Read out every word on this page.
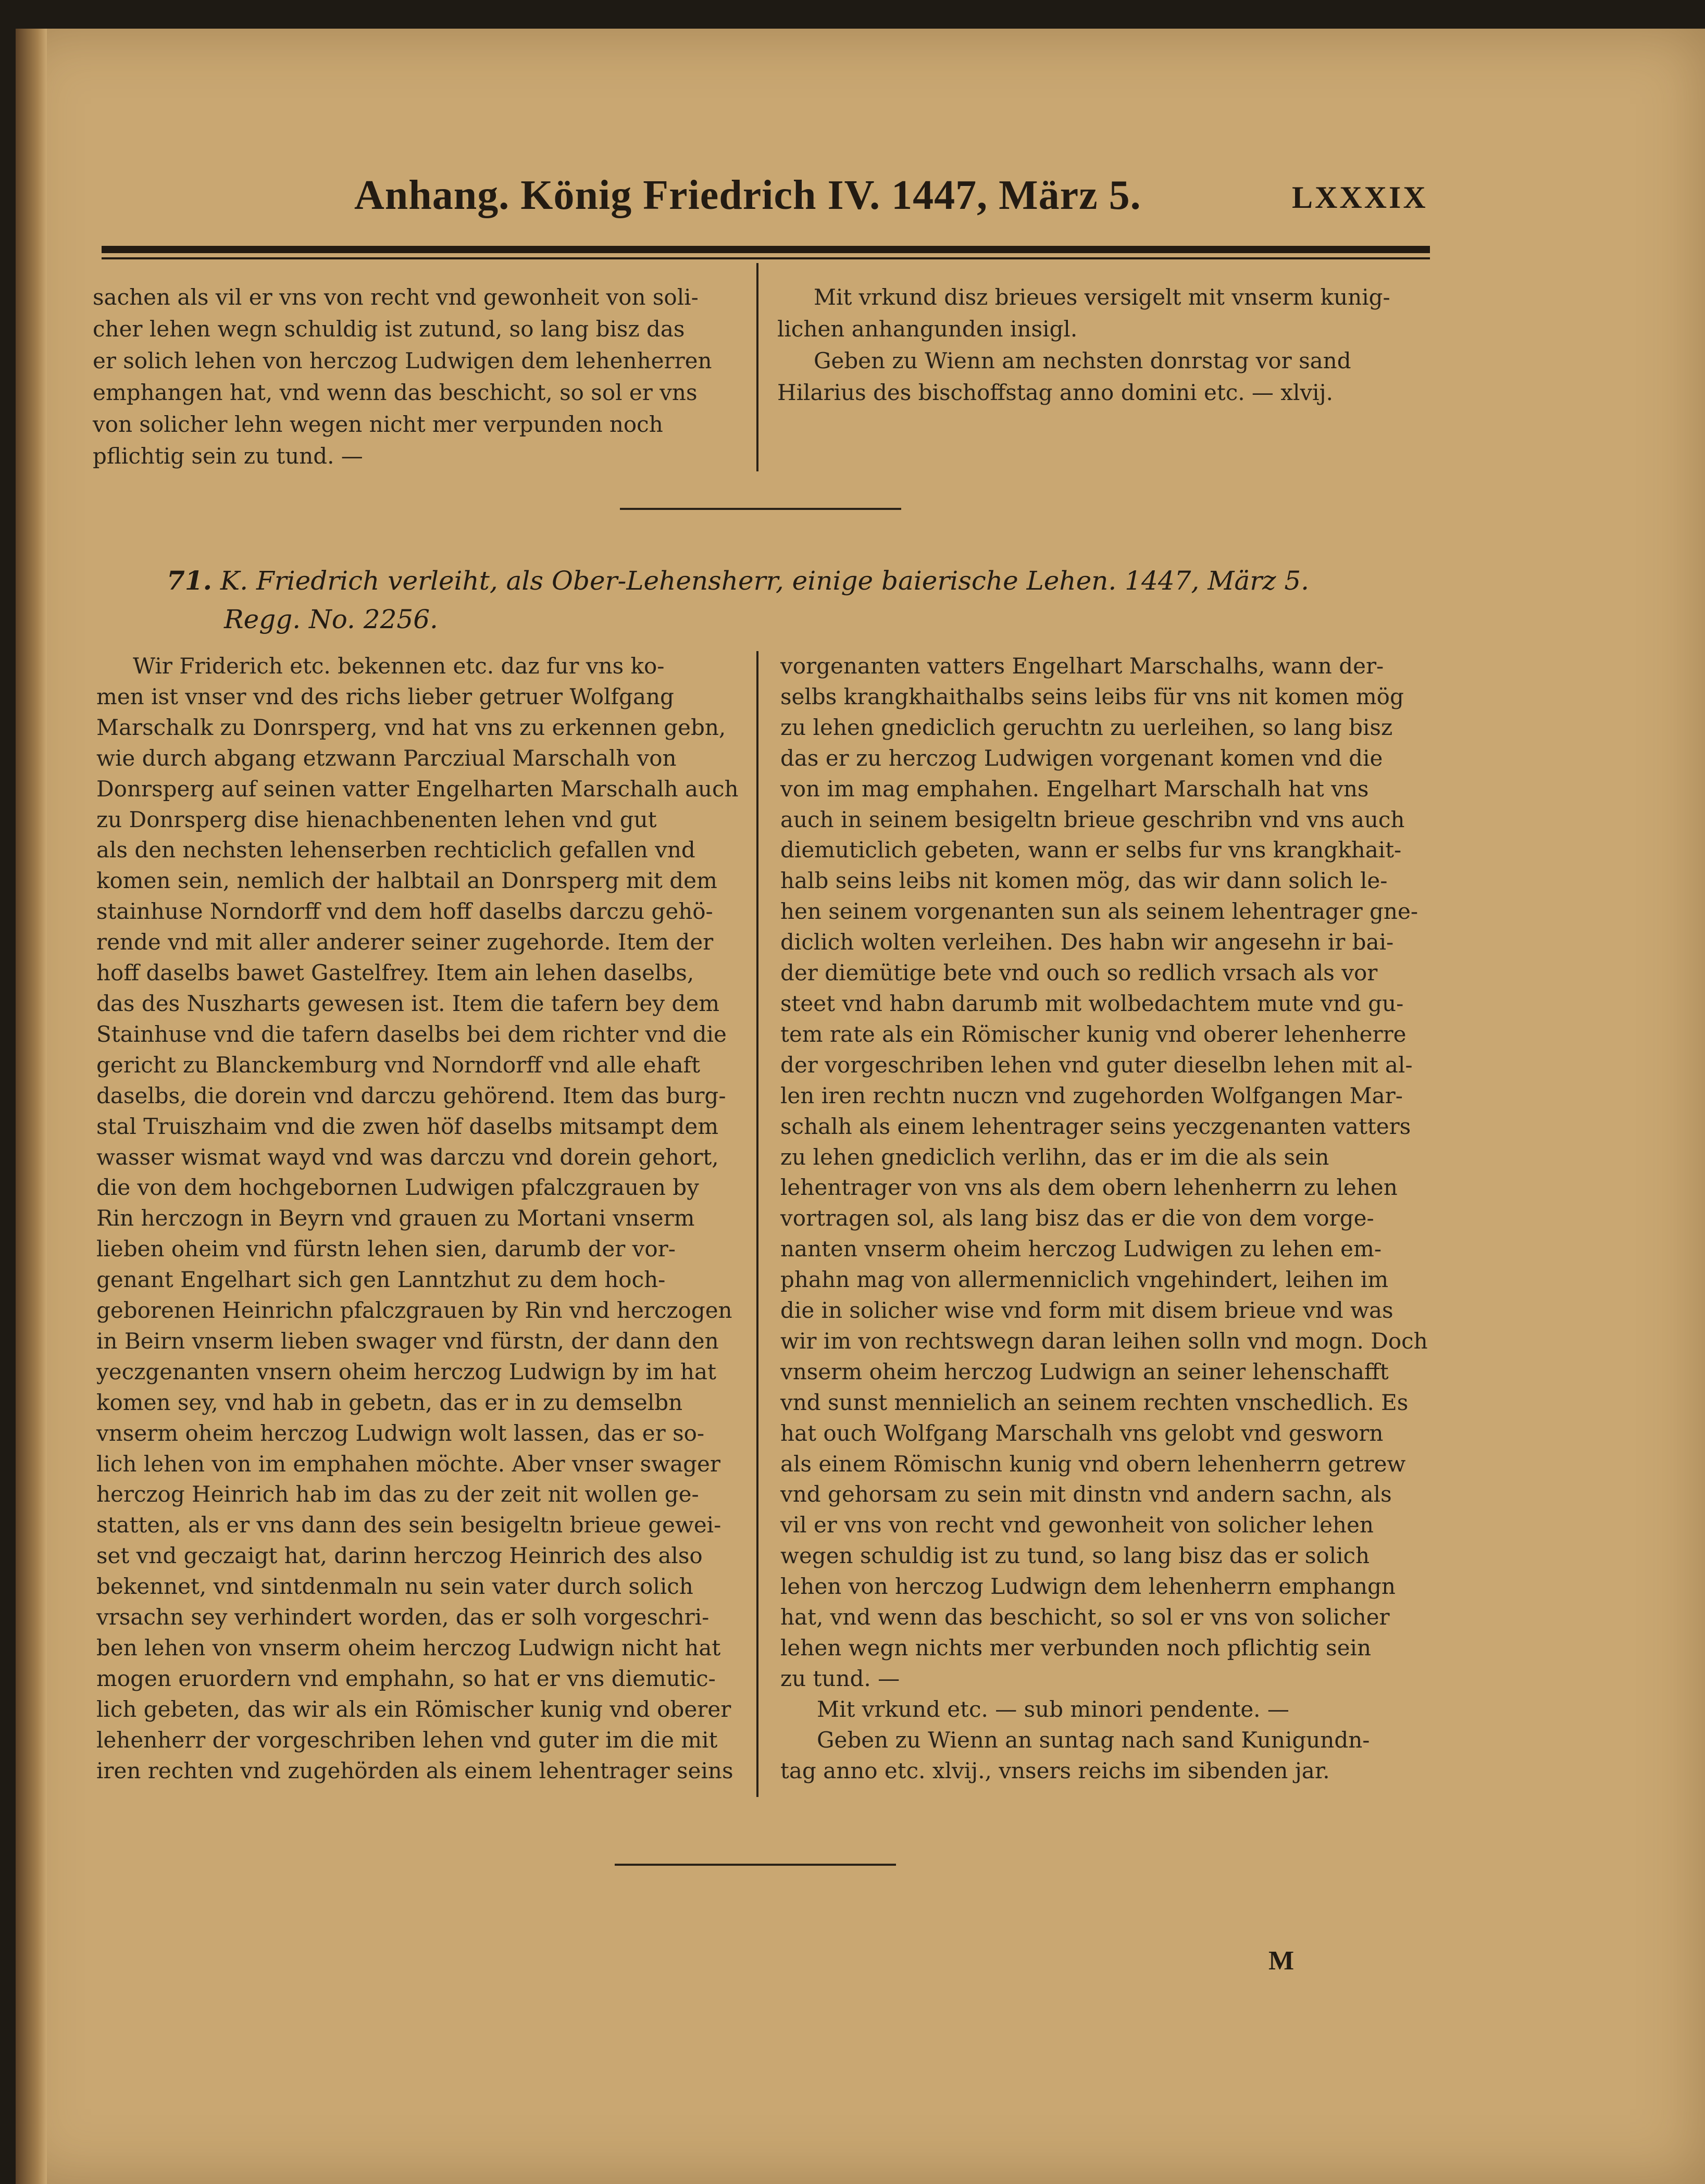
Anhang. König Friedrich IV. 1447, März 5.	LXXXIX

sachen als vil er vns von recht vnd gewonheit von soli-

cher lehen wegn schuldig ist zutund, so lang bisz das

er solich lehen von herczog Ludwigen dem lehenherren

emphangen hat, vnd wenn das beschicht, so sol er vns

von solicher lehn wegen nicht mer verpunden noch

pflichtig sein zu tund. —

Mit vrkund disz brieues versigelt mit vnserm kunig-

lichen anhangunden insigl.

Geben zu Wienn am nechsten donrstag vor sand

Hilarius des bischoffstag anno domini etc. — xlvij.

71. K. Friedrich verleiht, als Ober-Lehensherr, einige baierische Lehen. 1447, März 5.
Regg. No. 2256.

Wir Friderich etc. bekennen etc. daz fur vns ko-

men ist vnser vnd des richs lieber getruer Wolfgang

Marschalk zu Donrsperg, vnd hat vns zu erkennen gebn,

wie durch abgang etzwann Parcziual Marschalh von

Donrsperg auf seinen vatter Engelharten Marschalh auch

zu Donrsperg dise hienachbenenten lehen vnd gut

als den nechsten lehenserben rechticlich gefallen vnd

komen sein, nemlich der halbtail an Donrsperg mit dem

stainhuse Norndorff vnd dem hoff daselbs darczu gehö-

rende vnd mit aller anderer seiner zugehorde. Item der

hoff daselbs bawet Gastelfrey. Item ain lehen daselbs,

das des Nuszharts gewesen ist. Item die tafern bey dem

Stainhuse vnd die tafern daselbs bei dem richter vnd die

gericht zu Blanckemburg vnd Norndorff vnd alle ehaft

daselbs, die dorein vnd darczu gehörend. Item das burg-

stal Truiszhaim vnd die zwen höf daselbs mitsampt dem

wasser wismat wayd vnd was darczu vnd dorein gehort,

die von dem hochgebornen Ludwigen pfalczgrauen by

Rin herczogn in Beyrn vnd grauen zu Mortani vnserm

lieben oheim vnd fürstn lehen sien, darumb der vor-

genant Engelhart sich gen Lanntzhut zu dem hoch-

geborenen Heinrichn pfalczgrauen by Rin vnd herczogen

in Beirn vnserm lieben swager vnd fürstn, der dann den

yeczgenanten vnsern oheim herczog Ludwign by im hat

komen sey, vnd hab in gebetn, das er in zu demselbn

vnserm oheim herczog Ludwign wolt lassen, das er so-

lich lehen von im emphahen möchte. Aber vnser swager

herczog Heinrich hab im das zu der zeit nit wollen ge-

statten, als er vns dann des sein besigeltn brieue gewei-

set vnd geczaigt hat, darinn herczog Heinrich des also

bekennet, vnd sintdenmaln nu sein vater durch solich

vrsachn sey verhindert worden, das er solh vorgeschri-

ben lehen von vnserm oheim herczog Ludwign nicht hat

mogen eruordern vnd emphahn, so hat er vns diemutic-

lich gebeten, das wir als ein Römischer kunig vnd oberer

lehenherr der vorgeschriben lehen vnd guter im die mit

iren rechten vnd zugehörden als einem lehentrager seins

vorgenanten vatters Engelhart Marschalhs, wann der-

selbs krangkhaithalbs seins leibs für vns nit komen mög

zu lehen gnediclich geruchtn zu uerleihen, so lang bisz

das er zu herczog Ludwigen vorgenant komen vnd die

von im mag emphahen. Engelhart Marschalh hat vns

auch in seinem besigeltn brieue geschribn vnd vns auch

diemuticlich gebeten, wann er selbs fur vns krangkhait-

halb seins leibs nit komen mög, das wir dann solich le-

hen seinem vorgenanten sun als seinem lehentrager gne-

diclich wolten verleihen. Des habn wir angesehn ir bai-

der diemütige bete vnd ouch so redlich vrsach als vor

steet vnd habn darumb mit wolbedachtem mute vnd gu-

tem rate als ein Römischer kunig vnd oberer lehenherre

der vorgeschriben lehen vnd guter dieselbn lehen mit al-

len iren rechtn nuczn vnd zugehorden Wolfgangen Mar-

schalh als einem lehentrager seins yeczgenanten vatters

zu lehen gnediclich verlihn, das er im die als sein

lehentrager von vns als dem obern lehenherrn zu lehen

vortragen sol, als lang bisz das er die von dem vorge-

nanten vnserm oheim herczog Ludwigen zu lehen em-

phahn mag von allermenniclich vngehindert, leihen im

die in solicher wise vnd form mit disem brieue vnd was

wir im von rechtswegn daran leihen solln vnd mogn. Doch

vnserm oheim herczog Ludwign an seiner lehenschafft

vnd sunst mennielich an seinem rechten vnschedlich. Es

hat ouch Wolfgang Marschalh vns gelobt vnd gesworn

als einem Römischn kunig vnd obern lehenherrn getrew

vnd gehorsam zu sein mit dinstn vnd andern sachn, als

vil er vns von recht vnd gewonheit von solicher lehen

wegen schuldig ist zu tund, so lang bisz das er solich

lehen von herczog Ludwign dem lehenherrn emphangn

hat, vnd wenn das beschicht, so sol er vns von solicher

lehen wegn nichts mer verbunden noch pflichtig sein

zu tund. —

Mit vrkund etc. — sub minori pendente. —

Geben zu Wienn an suntag nach sand Kunigundn-

tag anno etc. xlvij., vnsers reichs im sibenden jar.

M
